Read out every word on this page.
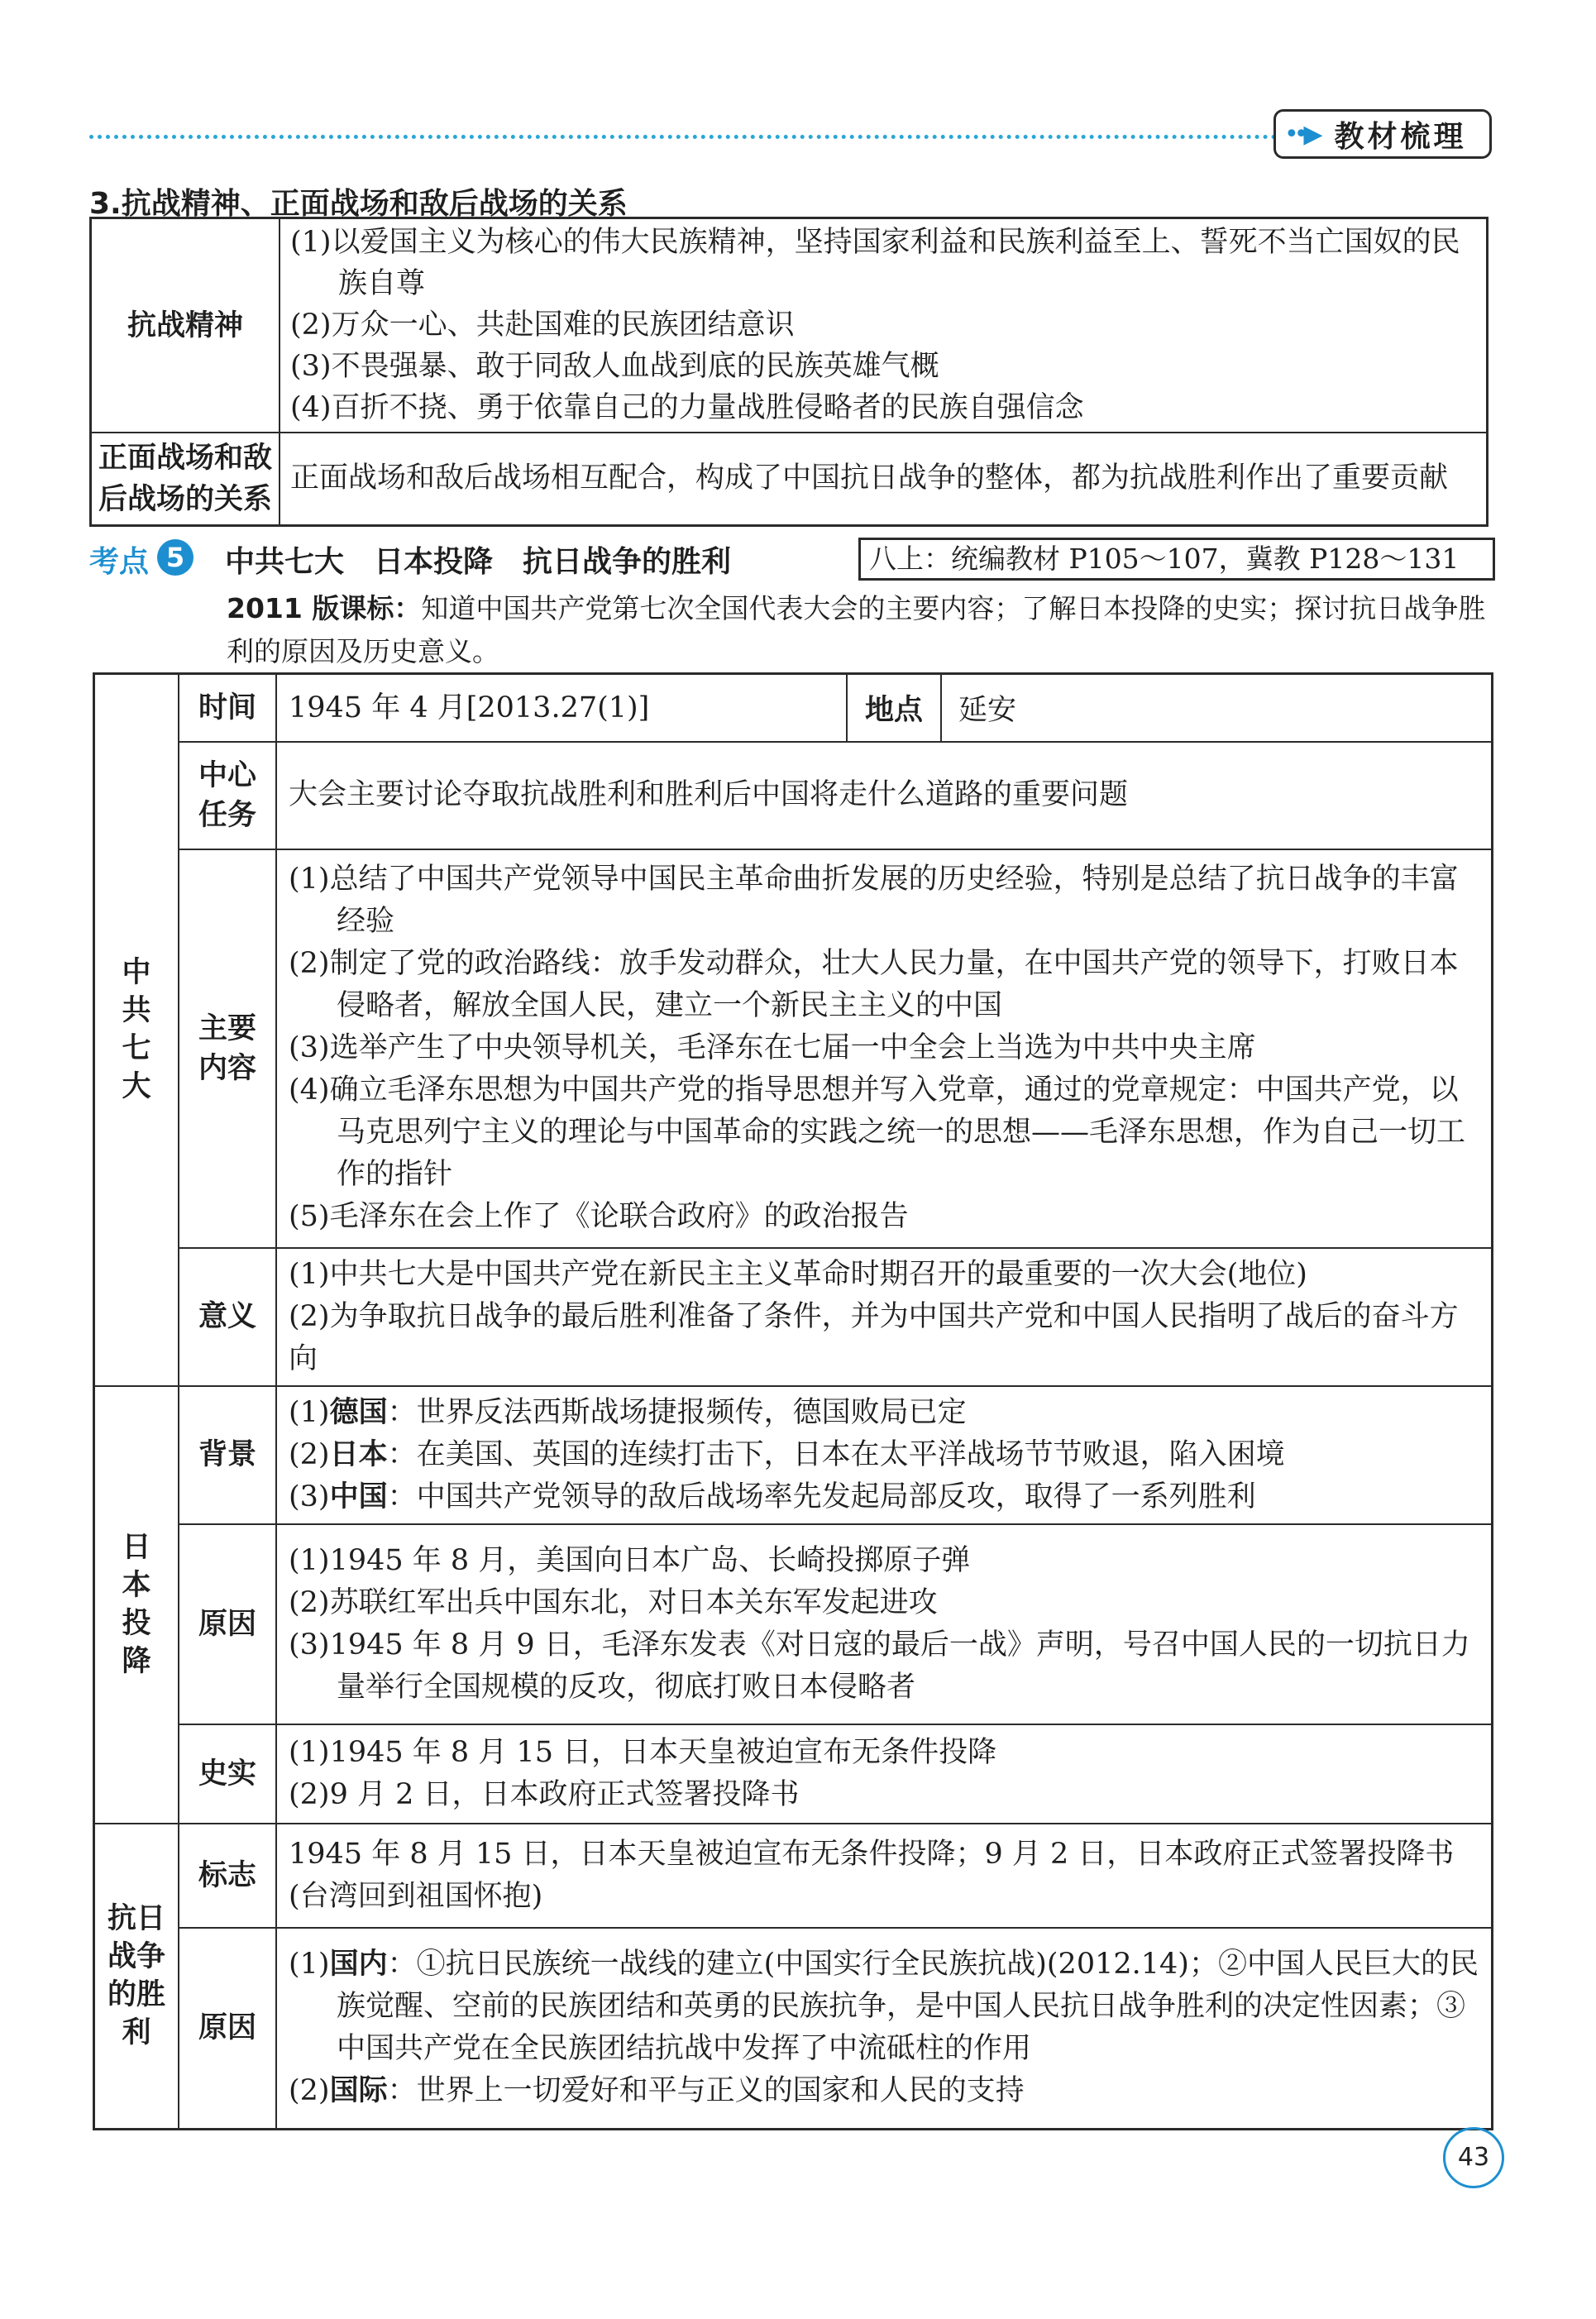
••▶ 教材梳理
3.抗战精神、正面战场和敌后战场的关系
抗战精神	(1)以爱国主义为核心的伟大民族精神，坚持国家利益和民族利益至上、誓死不当亡国奴的民族自尊
(2)万众一心、共赴国难的民族团结意识
(3)不畏强暴、敢于同敌人血战到底的民族英雄气概
(4)百折不挠、勇于依靠自己的力量战胜侵略者的民族自强信念

正面战场和敌后战场的关系	正面战场和敌后战场相互配合，构成了中国抗日战争的整体，都为抗战胜利作出了重要贡献
考点 5	中共七大　日本投降　抗日战争的胜利	八上：统编教材 P105～107，冀教 P128～131
2011 版课标：知道中国共产党第七次全国代表大会的主要内容；了解日本投降的史实；探讨抗日战争胜利的原因及历史意义。
中共七大	时间	1945 年 4 月[2013.27(1)]	地点	延安
	中心任务	大会主要讨论夺取抗战胜利和胜利后中国将走什么道路的重要问题		
	主要内容	(1)总结了中国共产党领导中国民主革命曲折发展的历史经验，特别是总结了抗日战争的丰富经验
(2)制定了党的政治路线：放手发动群众，壮大人民力量，在中国共产党的领导下，打败日本侵略者，解放全国人民，建立一个新民主主义的中国
(3)选举产生了中央领导机关，毛泽东在七届一中全会上当选为中共中央主席
(4)确立毛泽东思想为中国共产党的指导思想并写入党章，通过的党章规定：中国共产党，以马克思列宁主义的理论与中国革命的实践之统一的思想——毛泽东思想，作为自己一切工作的指针
(5)毛泽东在会上作了《论联合政府》的政治报告		

	意义	(1)中共七大是中国共产党在新民主主义革命时期召开的最重要的一次大会(地位)
(2)为争取抗日战争的最后胜利准备了条件，并为中国共产党和中国人民指明了战后的奋斗方向		

日本投降	背景	(1)德国：世界反法西斯战场捷报频传，德国败局已定
(2)日本：在美国、英国的连续打击下，日本在太平洋战场节节败退，陷入困境
(3)中国：中国共产党领导的敌后战场率先发起局部反攻，取得了一系列胜利		

	原因	(1)1945 年 8 月，美国向日本广岛、长崎投掷原子弹
(2)苏联红军出兵中国东北，对日本关东军发起进攻
(3)1945 年 8 月 9 日，毛泽东发表《对日寇的最后一战》声明，号召中国人民的一切抗日力量举行全国规模的反攻，彻底打败日本侵略者		

	史实	(1)1945 年 8 月 15 日，日本天皇被迫宣布无条件投降
(2)9 月 2 日，日本政府正式签署投降书		

抗日战争的胜利	标志	1945 年 8 月 15 日，日本天皇被迫宣布无条件投降；9 月 2 日，日本政府正式签署投降书(台湾回到祖国怀抱)		
	原因	(1)国内：①抗日民族统一战线的建立(中国实行全民族抗战)(2012.14)；②中国人民巨大的民族觉醒、空前的民族团结和英勇的民族抗争，是中国人民抗日战争胜利的决定性因素；③中国共产党在全民族团结抗战中发挥了中流砥柱的作用
(2)国际：世界上一切爱好和平与正义的国家和人民的支持		
43
